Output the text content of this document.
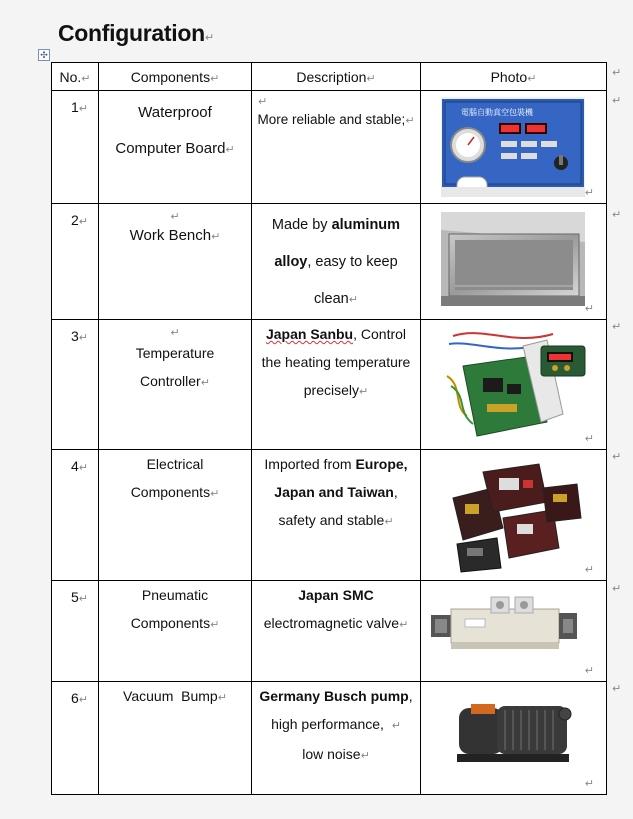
Configuration↵
✣
No.↵	Components↵	Description↵	Photo↵
1↵	Waterproof
Computer Board↵	↵
More reliable and stable;↵	電腦自動真空包裝機
↵

2↵	↵
Work Bench↵	Made by aluminum
alloy, easy to keep
clean↵	↵

3↵	↵
Temperature
Controller↵	Japan Sanbu, Control
the heating temperature
precisely↵	↵

4↵	Electrical
Components↵	Imported from Europe,
Japan and Taiwan,
safety and stable↵	↵

5↵	Pneumatic
Components↵	Japan SMC
electromagnetic valve↵	↵

6↵	Vacuum  Bump↵	Germany Busch pump,
high performance, ↵
low noise↵	↵
↵
↵
↵
↵
↵
↵
↵
